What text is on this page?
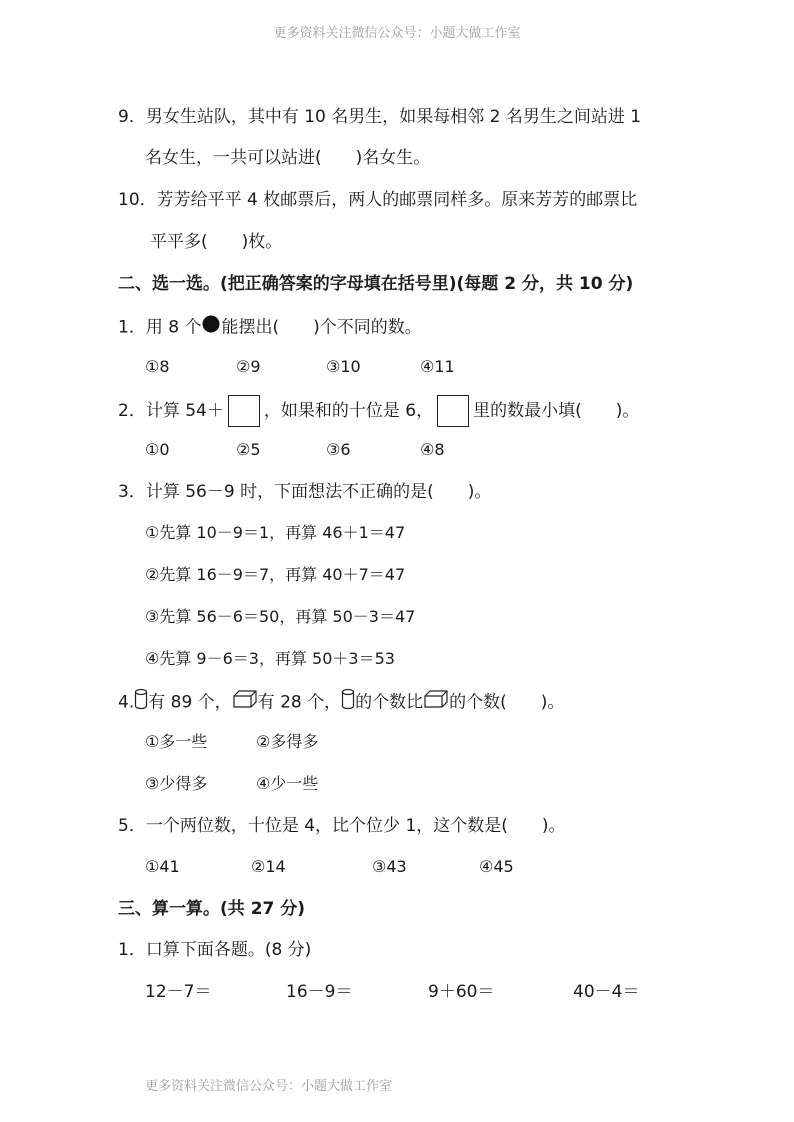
更多资料关注微信公众号：小题大做工作室
9．男女生站队，其中有 10 名男生，如果每相邻 2 名男生之间站进 1
名女生，一共可以站进(　　)名女生。
10．芳芳给平平 4 枚邮票后，两人的邮票同样多。原来芳芳的邮票比
平平多(　　)枚。
二、选一选。(把正确答案的字母填在括号里)(每题 2 分，共 10 分)
1．用 8 个 能摆出(　　)个不同的数。
①8	②9	③10	④11
2．计算 54＋ ，如果和的十位是 6， 里的数最小填(　　)。
①0	②5	③6	④8
3．计算 56－9 时，下面想法不正确的是(　　)。
①先算 10－9＝1，再算 46＋1＝47
②先算 16－9＝7，再算 40＋7＝47
③先算 56－6＝50，再算 50－3＝47
④先算 9－6＝3，再算 50＋3＝53
4. 有 89 个， 有 28 个， 的个数比 的个数(　　)。
①多一些	②多得多
③少得多	④少一些
5．一个两位数，十位是 4，比个位少 1，这个数是(　　)。
①41	②14	③43	④45
三、算一算。(共 27 分)
1．口算下面各题。(8 分)
12－7＝	16－9＝	9＋60＝	40－4＝
更多资料关注微信公众号：小题大做工作室
